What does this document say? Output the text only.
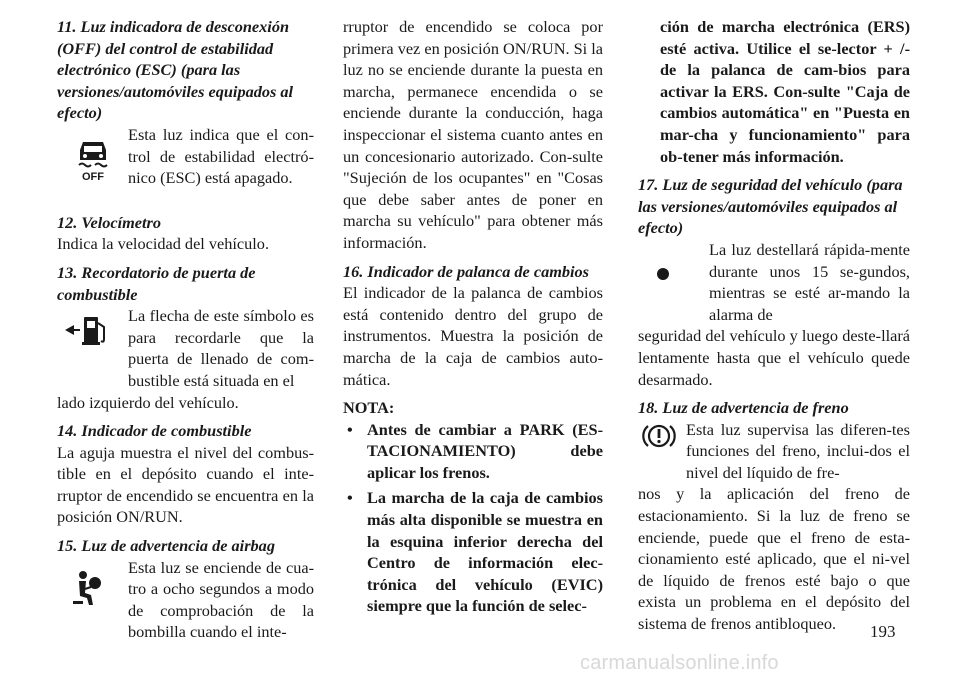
11. Luz indicadora de desconexión (OFF) del control de estabilidad electrónico (ESC) (para las versiones/automóviles equipados al efecto)

OFF

Esta luz indica que el con-trol de estabilidad electró-nico (ESC) está apagado.

12. Velocímetro

Indica la velocidad del vehículo.

13. Recordatorio de puerta de combustible

La flecha de este símbolo es para recordarle que la puerta de llenado de com-bustible está situada en el

lado izquierdo del vehículo.

14. Indicador de combustible

La aguja muestra el nivel del combus-tible en el depósito cuando el inte-rruptor de encendido se encuentra en la posición ON/RUN.

15. Luz de advertencia de airbag

Esta luz se enciende de cua-tro a ocho segundos a modo de comprobación de la bombilla cuando el inte-

rruptor de encendido se coloca por primera vez en posición ON/RUN. Si la luz no se enciende durante la puesta en marcha, permanece encendida o se enciende durante la conducción, haga inspeccionar el sistema cuanto antes en un concesionario autorizado. Con-sulte "Sujeción de los ocupantes" en "Cosas que debe saber antes de poner en marcha su vehículo" para obtener más información.

16. Indicador de palanca de cambios

El indicador de la palanca de cambios está contenido dentro del grupo de instrumentos. Muestra la posición de marcha de la caja de cambios auto-mática.

NOTA:

• Antes de cambiar a PARK (ES-TACIONAMIENTO) debe aplicar los frenos.
• La marcha de la caja de cambios más alta disponible se muestra en la esquina inferior derecha del Centro de información elec-trónica del vehículo (EVIC) siempre que la función de selec-

ción de marcha electrónica (ERS) esté activa. Utilice el se-lector + /- de la palanca de cam-bios para activar la ERS. Con-sulte "Caja de cambios automática" en "Puesta en mar-cha y funcionamiento" para ob-tener más información.

17. Luz de seguridad del vehículo (para las versiones/automóviles equipados al efecto)

La luz destellará rápida-mente durante unos 15 se-gundos, mientras se esté ar-mando la alarma de

seguridad del vehículo y luego deste-llará lentamente hasta que el vehículo quede desarmado.

18. Luz de advertencia de freno

Esta luz supervisa las diferen-tes funciones del freno, inclui-dos el nivel del líquido de fre-

nos y la aplicación del freno de estacionamiento. Si la luz de freno se enciende, puede que el freno de esta-cionamiento esté aplicado, que el ni-vel de líquido de frenos esté bajo o que exista un problema en el depósito del sistema de frenos antibloqueo.	193
carmanualsonline.info
